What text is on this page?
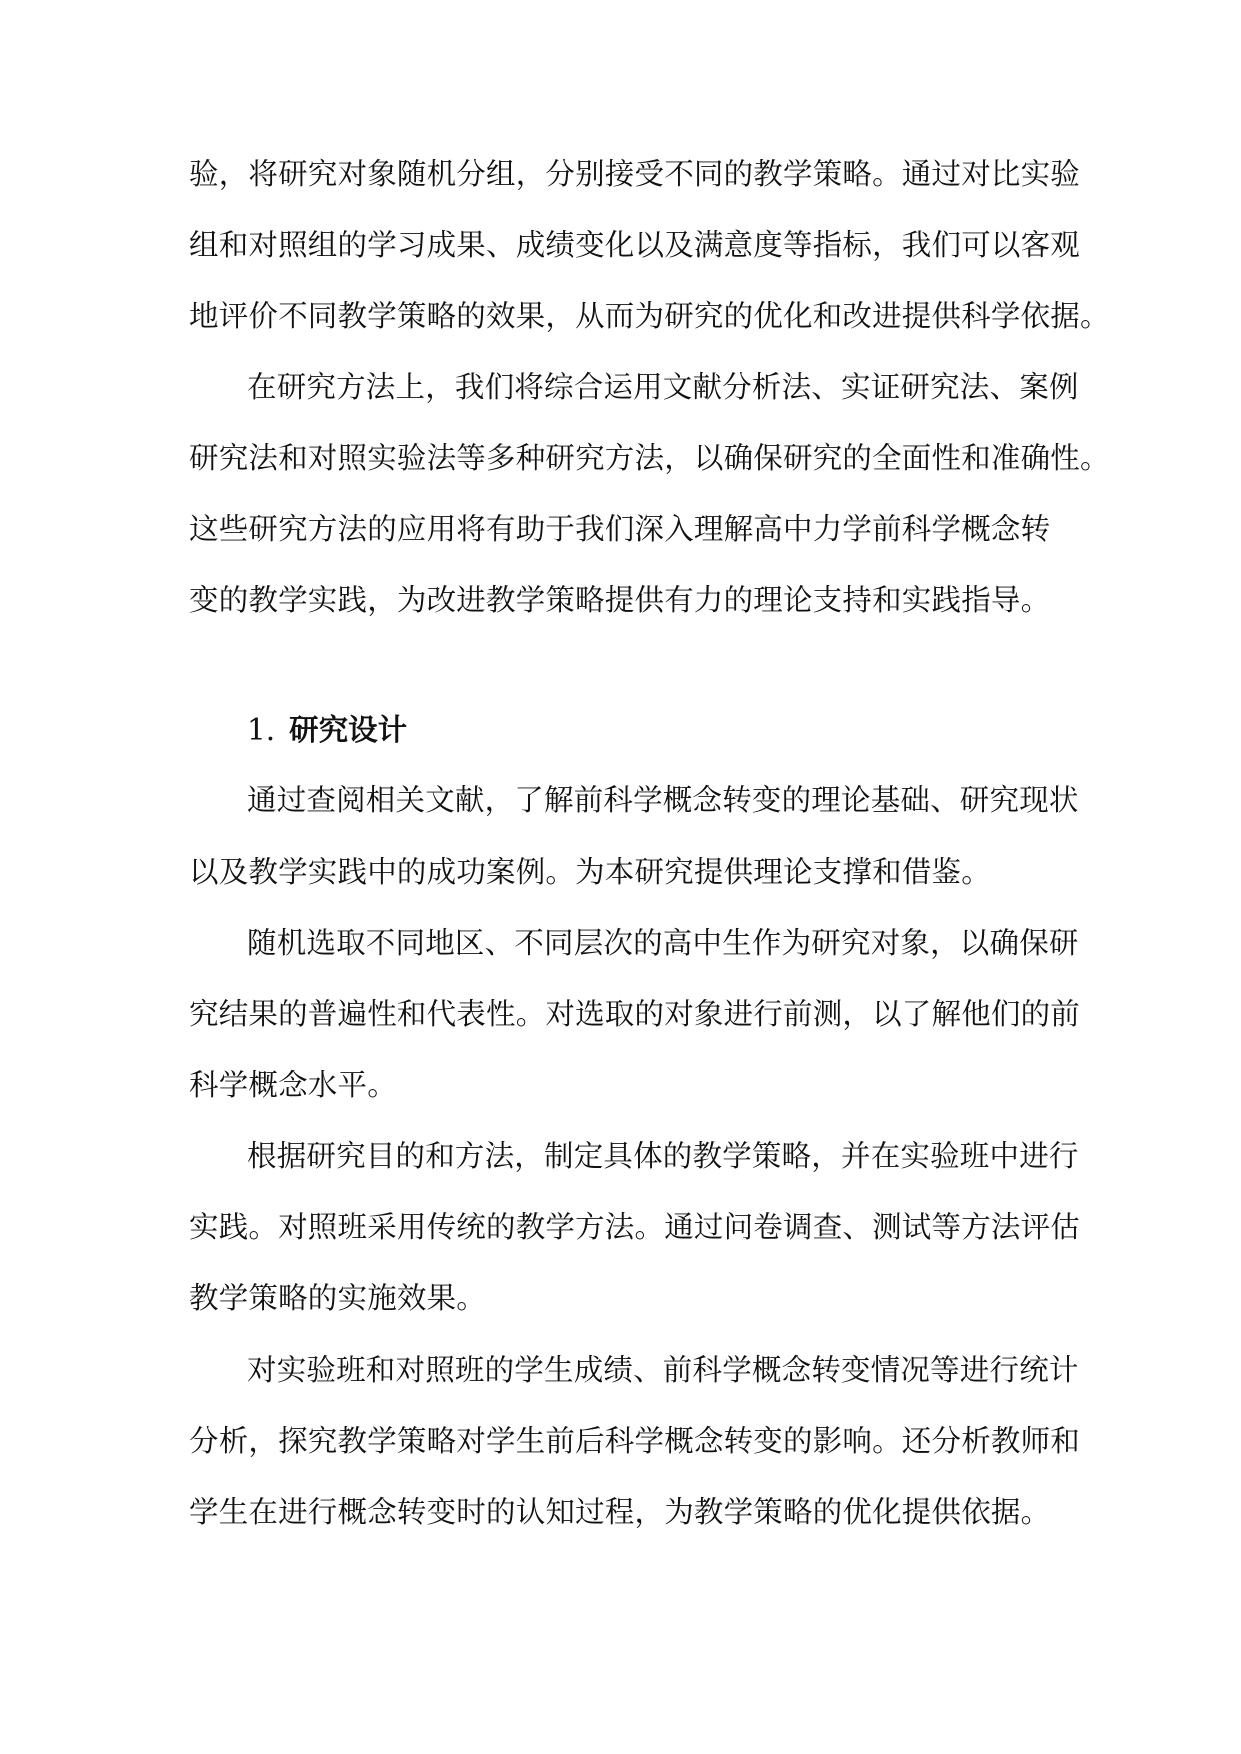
验，将研究对象随机分组，分别接受不同的教学策略。通过对比实验
组和对照组的学习成果、成绩变化以及满意度等指标，我们可以客观
地评价不同教学策略的效果，从而为研究的优化和改进提供科学依据。
在研究方法上，我们将综合运用文献分析法、实证研究法、案例
研究法和对照实验法等多种研究方法，以确保研究的全面性和准确性。
这些研究方法的应用将有助于我们深入理解高中力学前科学概念转
变的教学实践，为改进教学策略提供有力的理论支持和实践指导。
1. 研究设计
通过查阅相关文献，了解前科学概念转变的理论基础、研究现状
以及教学实践中的成功案例。为本研究提供理论支撑和借鉴。
随机选取不同地区、不同层次的高中生作为研究对象，以确保研
究结果的普遍性和代表性。对选取的对象进行前测，以了解他们的前
科学概念水平。
根据研究目的和方法，制定具体的教学策略，并在实验班中进行
实践。对照班采用传统的教学方法。通过问卷调查、测试等方法评估
教学策略的实施效果。
对实验班和对照班的学生成绩、前科学概念转变情况等进行统计
分析，探究教学策略对学生前后科学概念转变的影响。还分析教师和
学生在进行概念转变时的认知过程，为教学策略的优化提供依据。
